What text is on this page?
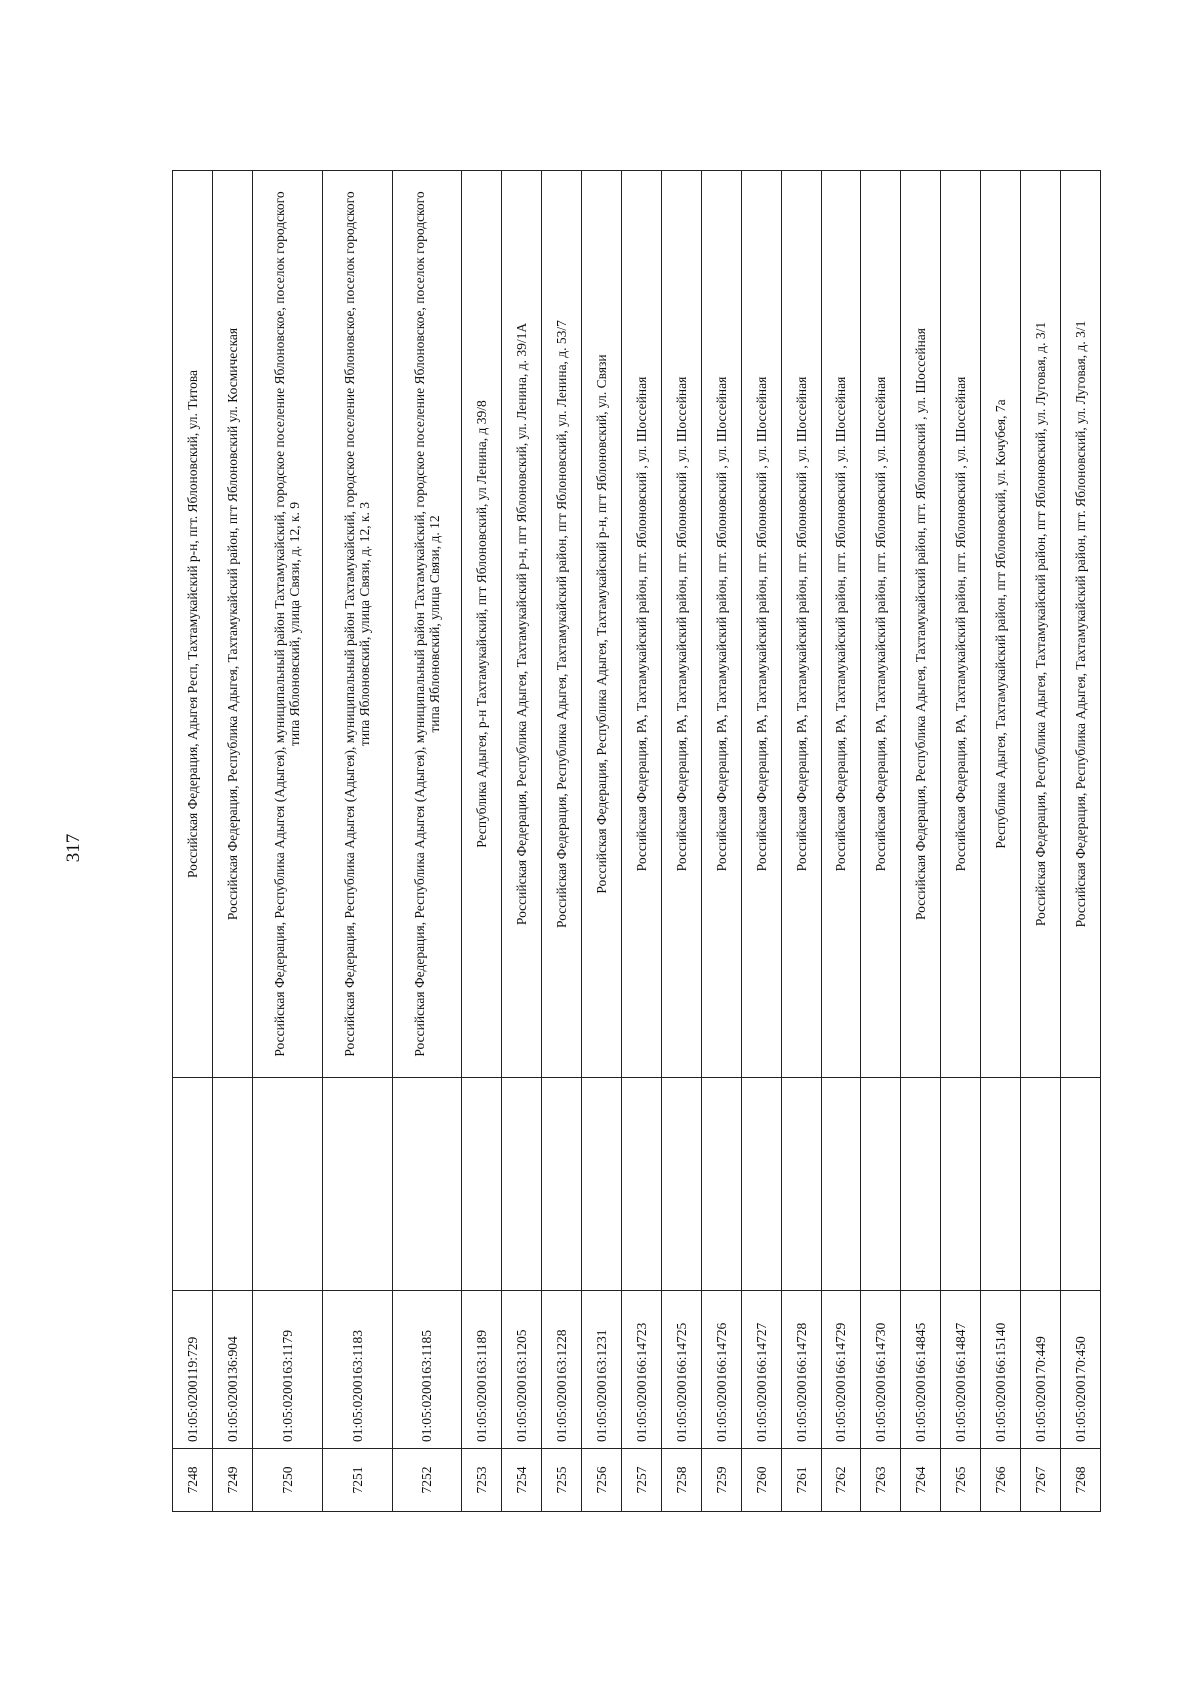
317
7248	01:05:0200119:729		Российская Федерация, Адыгея Респ, Тахтамукайский р-н, пгт. Яблоновский, ул. Титова
7249	01:05:0200136:904		Российская Федерация, Республика Адыгея, Тахтамукайский район, пгт Яблоновский ул. Космическая
7250	01:05:0200163:1179		Российская Федерация, Республика Адыгея (Адыгея), муниципальный район Тахтамукайский, городское поселение Яблоновское, поселок городского типа Яблоновский, улица Связи, д. 12, к. 9
7251	01:05:0200163:1183		Российская Федерация, Республика Адыгея (Адыгея), муниципальный район Тахтамукайский, городское поселение Яблоновское, поселок городского типа Яблоновский, улица Связи, д. 12, к. 3
7252	01:05:0200163:1185		Российская Федерация, Республика Адыгея (Адыгея), муниципальный район Тахтамукайский, городское поселение Яблоновское, поселок городского типа Яблоновский, улица Связи, д. 12
7253	01:05:0200163:1189		Республика Адыгея, р-н Тахтамукайский, пгт Яблоновский, ул Ленина, д 39/8
7254	01:05:0200163:1205		Российская Федерация, Республика Адыгея, Тахтамукайский р-н, пгт Яблоновский, ул. Ленина, д. 39/1А
7255	01:05:0200163:1228		Российская Федерация, Республика Адыгея, Тахтамукайский район, пгт Яблоновский, ул. Ленина, д. 53/7
7256	01:05:0200163:1231		Российская Федерация, Республика Адыгея, Тахтамукайский р-н, пгт Яблоновский, ул. Связи
7257	01:05:0200166:14723		Российская Федерация, РА, Тахтамукайский район, пгт. Яблоновский , ул. Шоссейная
7258	01:05:0200166:14725		Российская Федерация, РА, Тахтамукайский район, пгт. Яблоновский , ул. Шоссейная
7259	01:05:0200166:14726		Российская Федерация, РА, Тахтамукайский район, пгт. Яблоновский , ул. Шоссейная
7260	01:05:0200166:14727		Российская Федерация, РА, Тахтамукайский район, пгт. Яблоновский , ул. Шоссейная
7261	01:05:0200166:14728		Российская Федерация, РА, Тахтамукайский район, пгт. Яблоновский , ул. Шоссейная
7262	01:05:0200166:14729		Российская Федерация, РА, Тахтамукайский район, пгт. Яблоновский , ул. Шоссейная
7263	01:05:0200166:14730		Российская Федерация, РА, Тахтамукайский район, пгт. Яблоновский , ул. Шоссейная
7264	01:05:0200166:14845		Российская Федерация, Республика Адыгея, Тахтамукайский район, пгт. Яблоновский , ул. Шоссейная
7265	01:05:0200166:14847		Российская Федерация, РА, Тахтамукайский район, пгт. Яблоновский , ул. Шоссейная
7266	01:05:0200166:15140		Республика Адыгея, Тахтамукайский район, пгт Яблоновский, ул. Кочубея, 7а
7267	01:05:0200170:449		Российская Федерация, Республика Адыгея, Тахтамукайский район, пгт Яблоновский, ул. Луговая, д. 3/1
7268	01:05:0200170:450		Российская Федерация, Республика Адыгея, Тахтамукайский район, пгт. Яблоновский, ул. Луговая, д. 3/1
